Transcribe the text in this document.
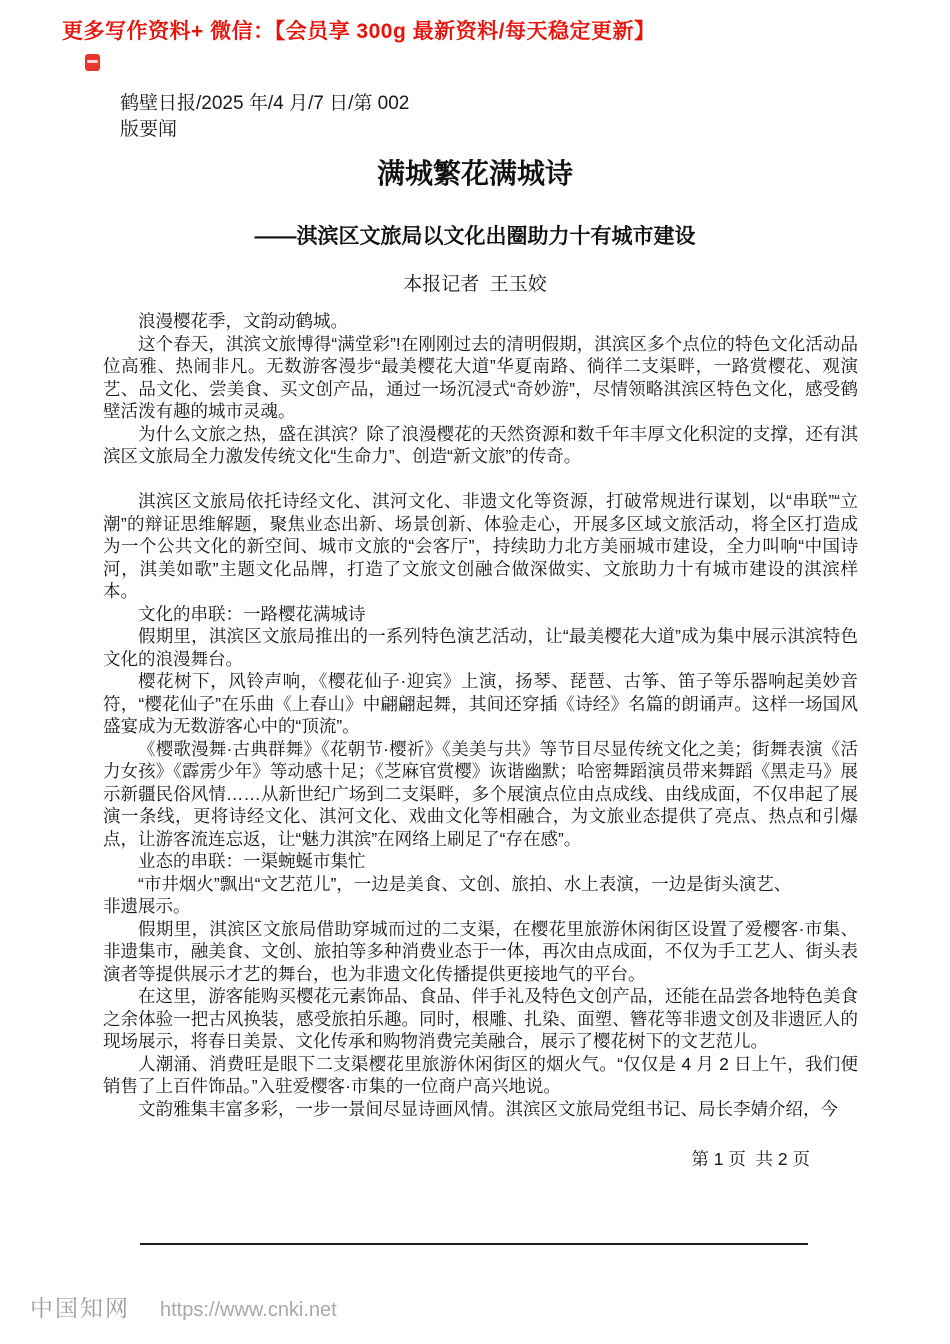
更多写作资料+ 微信：【会员享 300g 最新资料/每天稳定更新】
鹤壁日报/2025 年/4 月/7 日/第 002
版要闻
满城繁花满城诗
——淇滨区文旅局以文化出圈助力十有城市建设
本报记者  王玉姣

浪漫樱花季，文韵动鹤城。

这个春天，淇滨文旅博得“满堂彩”!在刚刚过去的清明假期，淇滨区多个点位的特色文化活动品位高雅、热闹非凡。无数游客漫步“最美樱花大道”华夏南路、徜徉二支渠畔，一路赏樱花、观演艺、品文化、尝美食、买文创产品，通过一场沉浸式“奇妙游”，尽情领略淇滨区特色文化，感受鹤壁活泼有趣的城市灵魂。

为什么文旅之热，盛在淇滨？除了浪漫樱花的天然资源和数千年丰厚文化积淀的支撑，还有淇滨区文旅局全力激发传统文化“生命力”、创造“新文旅”的传奇。

淇滨区文旅局依托诗经文化、淇河文化、非遗文化等资源，打破常规进行谋划，以“串联”“立潮”的辩证思维解题，聚焦业态出新、场景创新、体验走心，开展多区域文旅活动，将全区打造成为一个公共文化的新空间、城市文旅的“会客厅”，持续助力北方美丽城市建设，全力叫响“中国诗河，淇美如歌”主题文化品牌，打造了文旅文创融合做深做实、文旅助力十有城市建设的淇滨样本。

文化的串联：一路樱花满城诗

假期里，淇滨区文旅局推出的一系列特色演艺活动，让“最美樱花大道”成为集中展示淇滨特色文化的浪漫舞台。

樱花树下，风铃声响，《樱花仙子·迎宾》上演，扬琴、琵琶、古筝、笛子等乐器响起美妙音符，“樱花仙子”在乐曲《上春山》中翩翩起舞，其间还穿插《诗经》名篇的朗诵声。这样一场国风盛宴成为无数游客心中的“顶流”。

《樱歌漫舞·古典群舞》《花朝节·樱祈》《美美与共》等节目尽显传统文化之美；街舞表演《活力女孩》《霹雳少年》等动感十足；《芝麻官赏樱》诙谐幽默；哈密舞蹈演员带来舞蹈《黑走马》展示新疆民俗风情……从新世纪广场到二支渠畔，多个展演点位由点成线、由线成面，不仅串起了展演一条线，更将诗经文化、淇河文化、戏曲文化等相融合，为文旅业态提供了亮点、热点和引爆点，让游客流连忘返，让“魅力淇滨”在网络上刷足了“存在感”。

业态的串联：一渠蜿蜒市集忙

“市井烟火”飘出“文艺范儿”，一边是美食、文创、旅拍、水上表演，一边是街头演艺、
非遗展示。

假期里，淇滨区文旅局借助穿城而过的二支渠，在樱花里旅游休闲街区设置了爱樱客·市集、非遗集市，融美食、文创、旅拍等多种消费业态于一体，再次由点成面，不仅为手工艺人、街头表演者等提供展示才艺的舞台，也为非遗文化传播提供更接地气的平台。

在这里，游客能购买樱花元素饰品、食品、伴手礼及特色文创产品，还能在品尝各地特色美食之余体验一把古风换装，感受旅拍乐趣。同时，根雕、扎染、面塑、簪花等非遗文创及非遗匠人的现场展示，将春日美景、文化传承和购物消费完美融合，展示了樱花树下的文艺范儿。

人潮涌、消费旺是眼下二支渠樱花里旅游休闲街区的烟火气。“仅仅是 4 月 2 日上午，我们便销售了上百件饰品。”入驻爱樱客·市集的一位商户高兴地说。

文韵雅集丰富多彩，一步一景间尽显诗画风情。淇滨区文旅局党组书记、局长李婧介绍，今

第 1 页  共 2 页
中国知网 https://www.cnki.net
